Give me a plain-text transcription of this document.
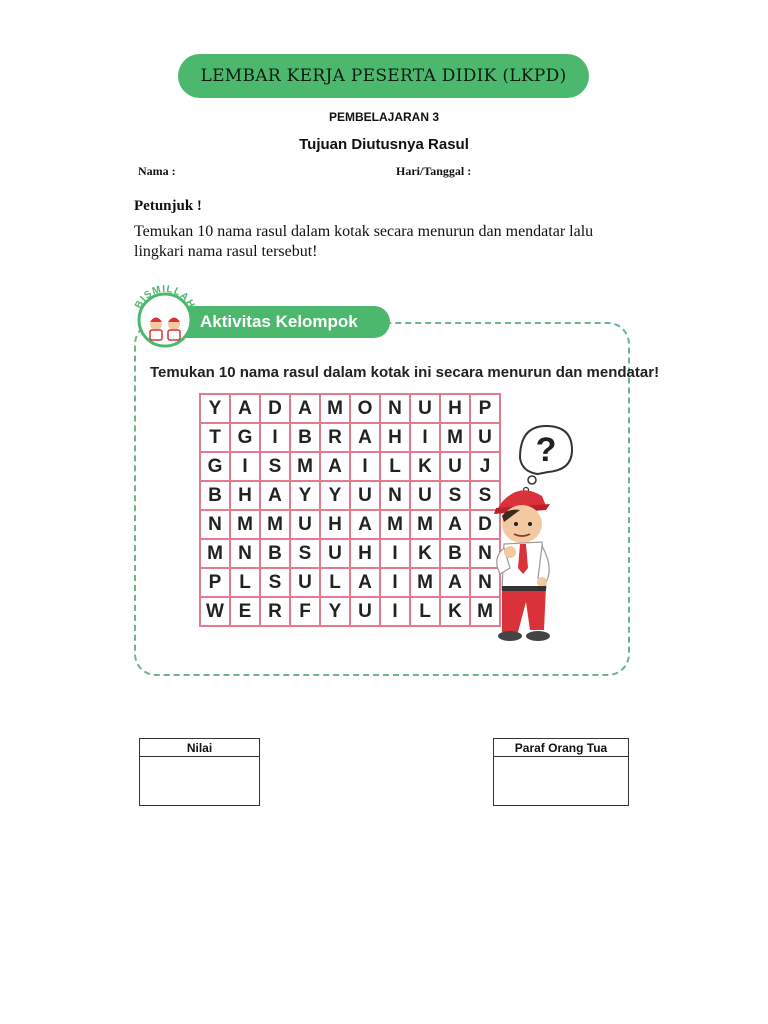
LEMBAR KERJA PESERTA DIDIK (LKPD)
PEMBELAJARAN 3
Tujuan Diutusnya Rasul
Nama :	Hari/Tanggal :
Petunjuk !
Temukan 10 nama rasul dalam kotak secara menurun dan mendatar lalu lingkari nama rasul tersebut!
Aktivitas Kelompok
BISMILLAH
Temukan 10 nama rasul dalam kotak ini secara menurun dan mendatar!
Y A D A M O N U H P
T G	I	B R A H	I	M U
G	I	S M A	I	L K U J
B H A Y Y U N U S S
N M M U H A M M A D
M N B S U H	I	K B N
P L S U L A	I	M A N
W E R F Y U	I	L K M
?
Nilai	Paraf Orang Tua
